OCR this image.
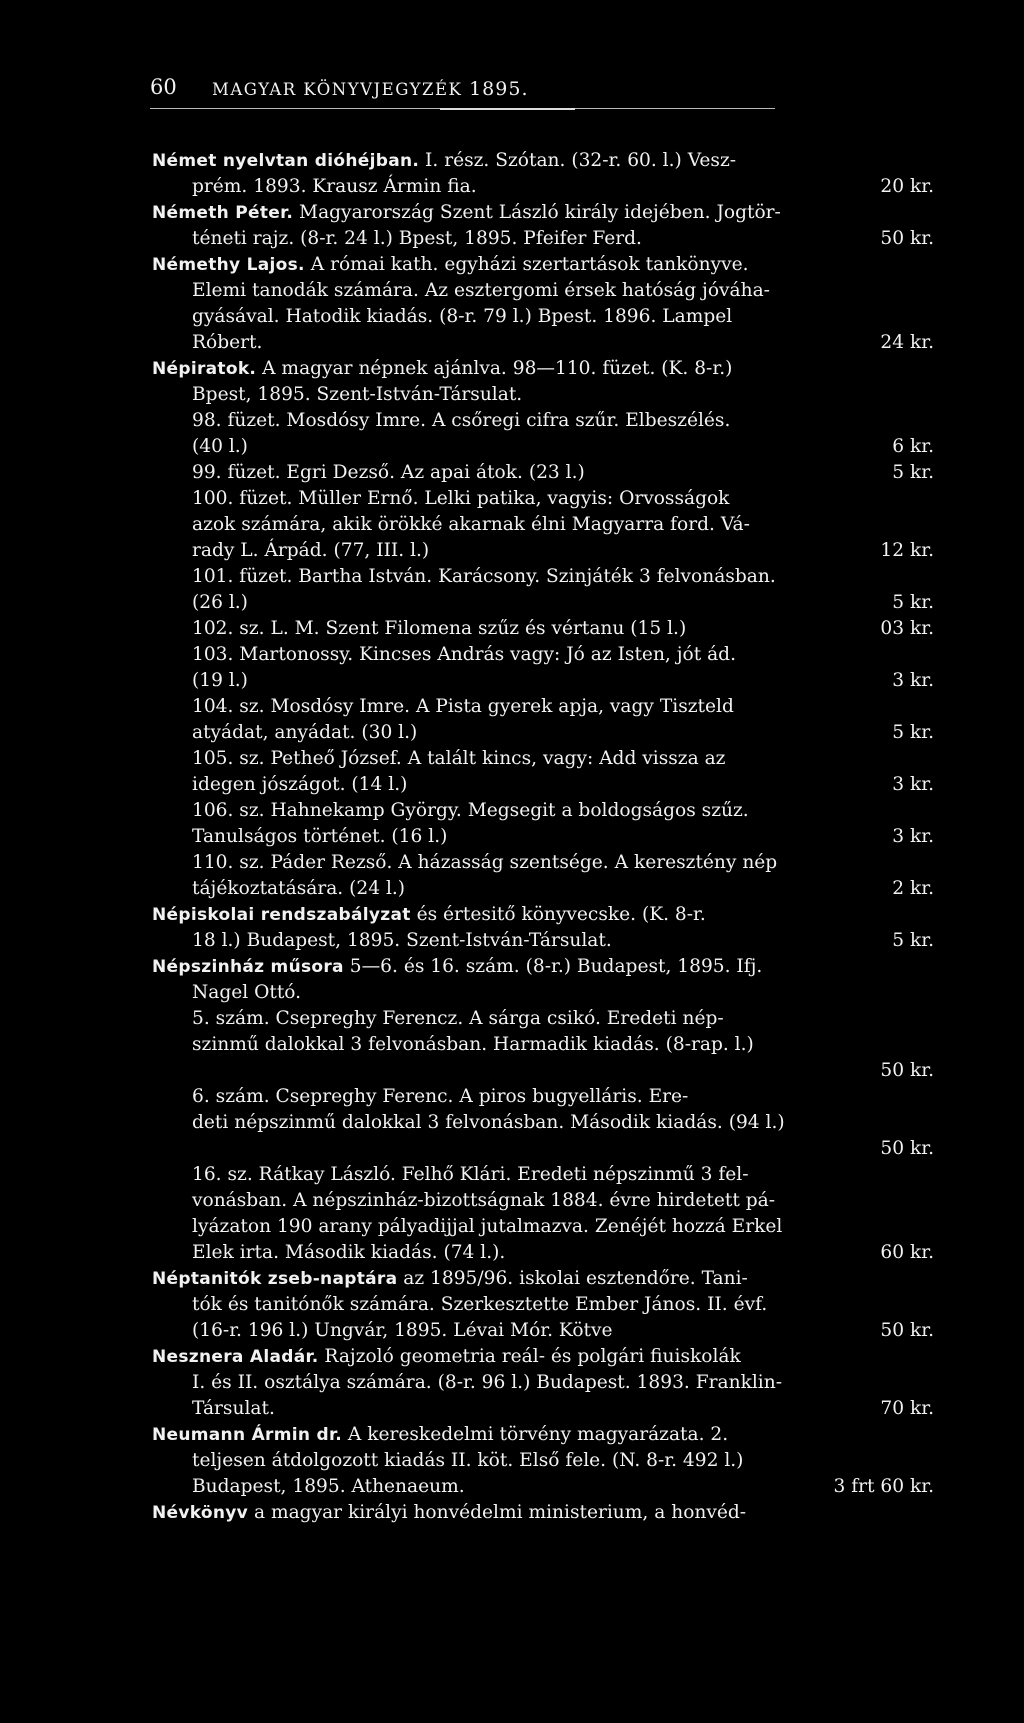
60 MAGYAR KÖNYVJEGYZÉK 1895.
Német nyelvtan dióhéjban. I. rész. Szótan. (32-r. 60. l.) Vesz-
prém. 1893. Krausz Ármin fia.	20 kr.
Németh Péter. Magyarország Szent László király idejében. Jogtör-
téneti rajz. (8-r. 24 l.) Bpest, 1895. Pfeifer Ferd.	50 kr.
Némethy Lajos. A római kath. egyházi szertartások tankönyve.
Elemi tanodák számára. Az esztergomi érsek hatóság jóváha-
gyásával. Hatodik kiadás. (8-r. 79 l.) Bpest. 1896. Lampel
Róbert.	24 kr.
Népiratok. A magyar népnek ajánlva. 98—110. füzet. (K. 8-r.)
Bpest, 1895. Szent-István-Társulat.
98. füzet. Mosdósy Imre. A csőregi cifra szűr. Elbeszélés.
(40 l.)	6 kr.
99. füzet. Egri Dezső. Az apai átok. (23 l.)	5 kr.
100. füzet. Müller Ernő. Lelki patika, vagyis: Orvosságok
azok számára, akik örökké akarnak élni Magyarra ford. Vá-
rady L. Árpád. (77, III. l.)	12 kr.
101. füzet. Bartha István. Karácsony. Szinjáték 3 felvonásban.
(26 l.)	5 kr.
102. sz. L. M. Szent Filomena szűz és vértanu (15 l.)	03 kr.
103. Martonossy. Kincses András vagy: Jó az Isten, jót ád.
(19 l.)	3 kr.
104. sz. Mosdósy Imre. A Pista gyerek apja, vagy Tiszteld
atyádat, anyádat. (30 l.)	5 kr.
105. sz. Petheő József. A talált kincs, vagy: Add vissza az
idegen jószágot. (14 l.)	3 kr.
106. sz. Hahnekamp György. Megsegit a boldogságos szűz.
Tanulságos történet. (16 l.)	3 kr.
110. sz. Páder Rezső. A házasság szentsége. A keresztény nép
tájékoztatására. (24 l.)	2 kr.
Népiskolai rendszabályzat és értesitő könyvecske. (K. 8-r.
18 l.) Budapest, 1895. Szent-István-Társulat.	5 kr.
Népszinház műsora 5—6. és 16. szám. (8-r.) Budapest, 1895. Ifj.
Nagel Ottó.
5. szám. Csepreghy Ferencz. A sárga csikó. Eredeti nép-
szinmű dalokkal 3 felvonásban. Harmadik kiadás. (8-rap. l.)
50 kr.
6. szám. Csepreghy Ferenc. A piros bugyelláris. Ere-
deti népszinmű dalokkal 3 felvonásban. Második kiadás. (94 l.)
50 kr.
16. sz. Rátkay László. Felhő Klári. Eredeti népszinmű 3 fel-
vonásban. A népszinház-bizottságnak 1884. évre hirdetett pá-
lyázaton 190 arany pályadijjal jutalmazva. Zenéjét hozzá Erkel
Elek irta. Második kiadás. (74 l.).	60 kr.
Néptanitók zseb-naptára az 1895/96. iskolai esztendőre. Tani-
tók és tanitónők számára. Szerkesztette Ember János. II. évf.
(16-r. 196 l.) Ungvár, 1895. Lévai Mór. Kötve	50 kr.
Nesznera Aladár. Rajzoló geometria reál- és polgári fiuiskolák
I. és II. osztálya számára. (8-r. 96 l.) Budapest. 1893. Franklin-
Társulat.	70 kr.
Neumann Ármin dr. A kereskedelmi törvény magyarázata. 2.
teljesen átdolgozott kiadás II. köt. Első fele. (N. 8-r. 492 l.)
Budapest, 1895. Athenaeum.	3 frt 60 kr.
Névkönyv a magyar királyi honvédelmi ministerium, a honvéd-
